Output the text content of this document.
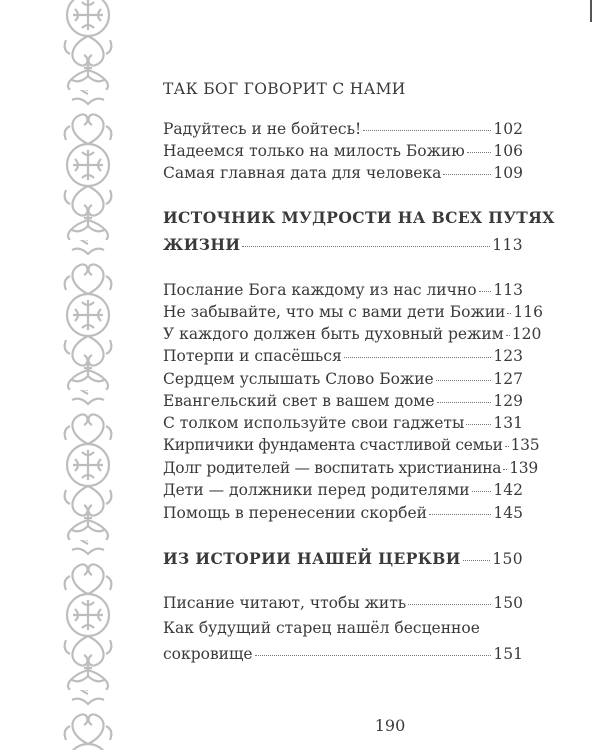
ТАК БОГ ГОВОРИТ С НАМИ
Радуйтесь и не бойтесь!	102
Надеемся только на милость Божию 106
Самая главная дата для человека	109
ИСТОЧНИК МУДРОСТИ НА ВСЕХ ПУТЯХ
ЖИЗНИ	113
Послание Бога каждому из нас лично 113
Не забывайте, что мы с вами дети Божии 116
У каждого должен быть духовный режим 120
Потерпи и спасёшься	123
Сердцем услышать Слово Божие	127
Евангельский свет в вашем доме	129
С толком используйте свои гаджеты 131
Кирпичики фундамента счастливой семьи 135
Долг родителей — воспитать христианина 139
Дети — должники перед родителями 142
Помощь в перенесении скорбей	145
ИЗ ИСТОРИИ НАШЕЙ ЦЕРКВИ 150
Писание читают, чтобы жить	150
Как будущий старец нашёл бесценное
сокровище	151
190
